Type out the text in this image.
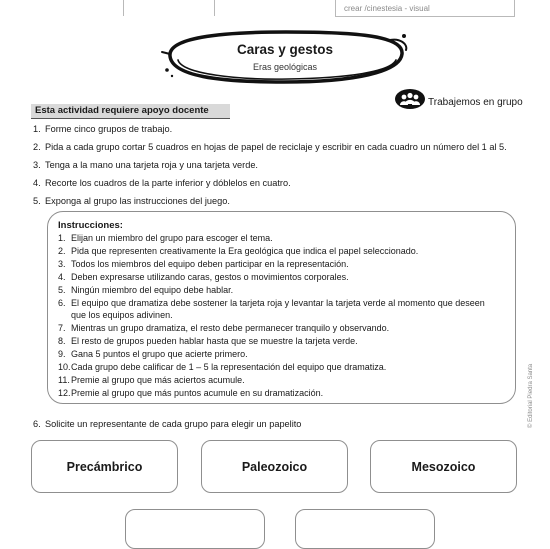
crear /cinestesia - visual
Caras y gestos
Eras geológicas
Trabajemos en grupo
Esta actividad requiere apoyo docente
1. Forme cinco grupos de trabajo.
2. Pida a cada grupo cortar 5 cuadros en hojas de papel de reciclaje y escribir en cada cuadro un número del 1 al 5.
3. Tenga a la mano una tarjeta roja y una tarjeta verde.
4. Recorte los cuadros de la parte inferior y dóblelos en cuatro.
5. Exponga al grupo las instrucciones del juego.
Instrucciones:
1. Elijan un miembro del grupo para escoger el tema.
2. Pida que representen creativamente la Era geológica que indica el papel seleccionado.
3. Todos los miembros del equipo deben participar en la representación.
4. Deben expresarse utilizando caras, gestos o movimientos corporales.
5. Ningún miembro del equipo debe hablar.
6. El equipo que dramatiza debe sostener la tarjeta roja y levantar la tarjeta verde al momento que deseen que los equipos adivinen.
7. Mientras un grupo dramatiza, el resto debe permanecer tranquilo y observando.
8. El resto de grupos pueden hablar hasta que se muestre la tarjeta verde.
9. Gana 5 puntos el grupo que acierte primero.
10. Cada grupo debe calificar de 1 – 5 la representación del equipo que dramatiza.
11. Premie al grupo que más aciertos acumule.
12. Premie al grupo que más puntos acumule en su dramatización.
6. Solicite un representante de cada grupo para elegir un papelito
Precámbrico	Paleozoico	Mesozoico
© Editorial Piedra Santa
